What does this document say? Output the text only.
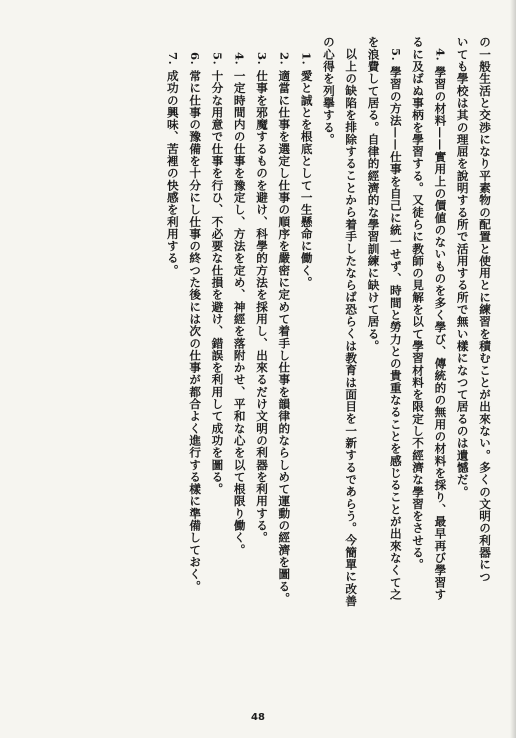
の一般生活と交渉になり平素物の配置と使用とに練習を積むことが出來ない。多くの文明の利器につ

いても學校は其の理屈を說明する所で活用する所で無い樣になつて居るのは遺憾だ。

4. 學習の材料——實用上の價値のないものを多く學び、傳統的の無用の材料を採り、最早再び學習す

るに及ばぬ事柄を學習する。又徒らに教師の見解を以て學習材料を限定し不經濟な學習をさせる。

5. 學習の方法——仕事を自己に統一せず、時間と勞力との貴重なることを感じることが出來なくて之

を浪費して居る。自律的經濟的な學習訓練に缺けて居る。

以上の缺陷を排除することから着手したならば恐らくは教育は面目を一新するであらう。今簡單に改善

の心得を列擧する。

1. 愛と誠とを根底として一生懸命に働く。

2. 適當に仕事を選定し仕事の順序を嚴密に定めて着手し仕事を韻律的ならしめて運動の經濟を圖る。

3. 仕事を邪魔するものを避け、科學的方法を採用し、出來るだけ文明の利器を利用する。

4. 一定時間内の仕事を豫定し、方法を定め、神經を落附かせ、平和な心を以て根限り働く。

5. 十分な用意で仕事を行ひ、不必要な仕損を避け、錯誤を利用して成功を圖る。

6. 常に仕事の豫備を十分にし仕事の終つた後には次の仕事が都合よく進行する樣に準備しておく。

7. 成功の興味、苦裡の快感を利用する。

48
